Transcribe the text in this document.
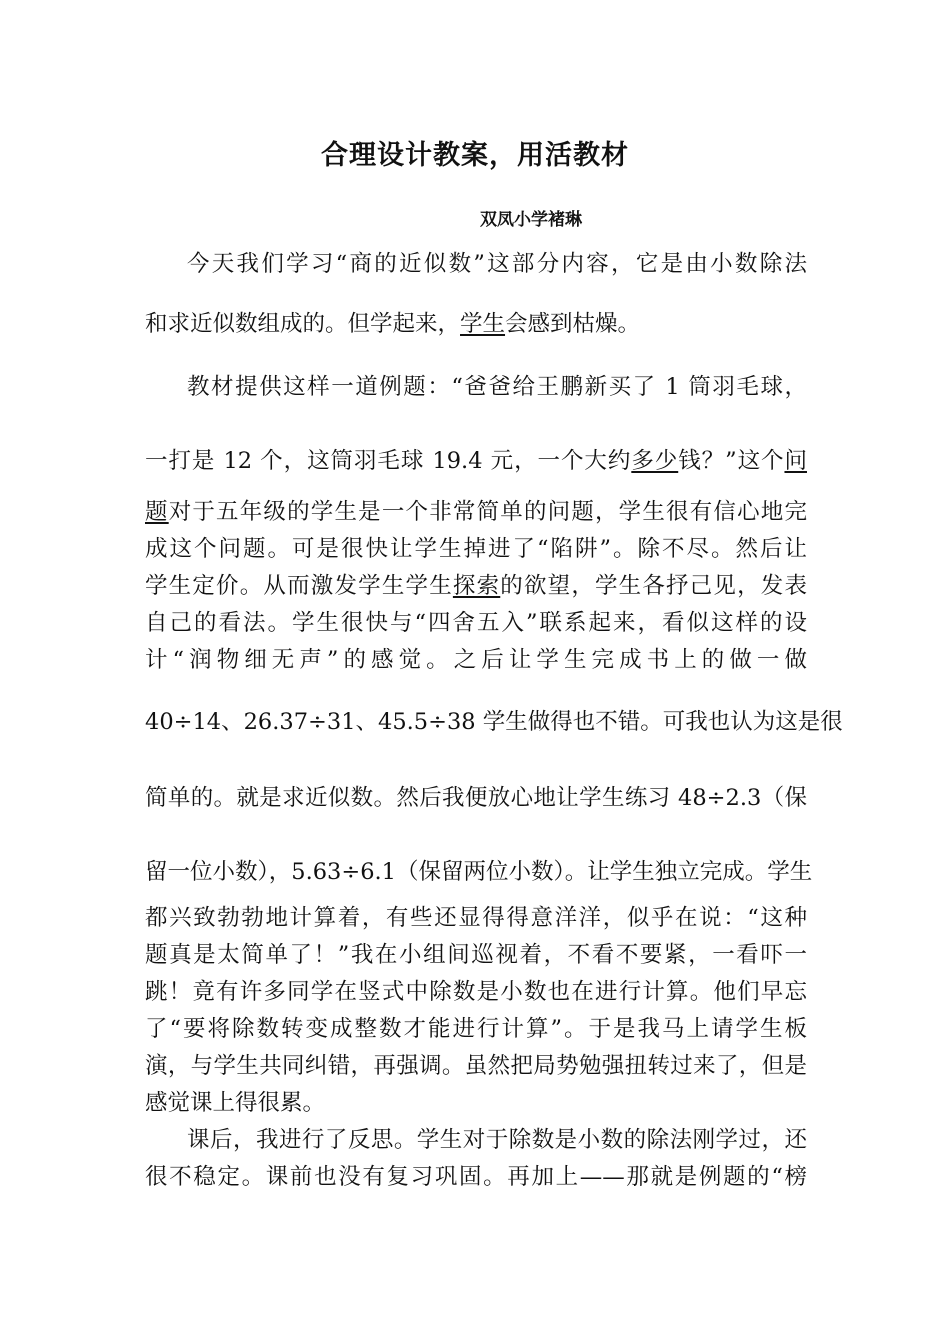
合理设计教案，用活教材

双凤小学褚琳

今天我们学习“商的近似数”这部分内容，它是由小数除法

和求近似数组成的。但学起来，学生会感到枯燥。

教材提供这样一道例题：“爸爸给王鹏新买了 1 筒羽毛球，

一打是 12 个，这筒羽毛球 19.4 元，一个大约多少钱？”这个问

题对于五年级的学生是一个非常简单的问题，学生很有信心地完

成这个问题。可是很快让学生掉进了“陷阱”。除不尽。然后让

学生定价。从而激发学生学生探索的欲望，学生各抒己见，发表

自己的看法。学生很快与“四舍五入”联系起来，看似这样的设

计“润物细无声”的感觉。之后让学生完成书上的做一做

40÷14、26.37÷31、45.5÷38 学生做得也不错。可我也认为这是很

简单的。就是求近似数。然后我便放心地让学生练习 48÷2.3（保

留一位小数），5.63÷6.1（保留两位小数）。让学生独立完成。学生

都兴致勃勃地计算着，有些还显得得意洋洋，似乎在说：“这种

题真是太简单了！”我在小组间巡视着，不看不要紧，一看吓一

跳！竟有许多同学在竖式中除数是小数也在进行计算。他们早忘

了“要将除数转变成整数才能进行计算”。于是我马上请学生板

演，与学生共同纠错，再强调。虽然把局势勉强扭转过来了，但是

感觉课上得很累。

课后，我进行了反思。学生对于除数是小数的除法刚学过，还

很不稳定。课前也没有复习巩固。再加上——那就是例题的“榜
